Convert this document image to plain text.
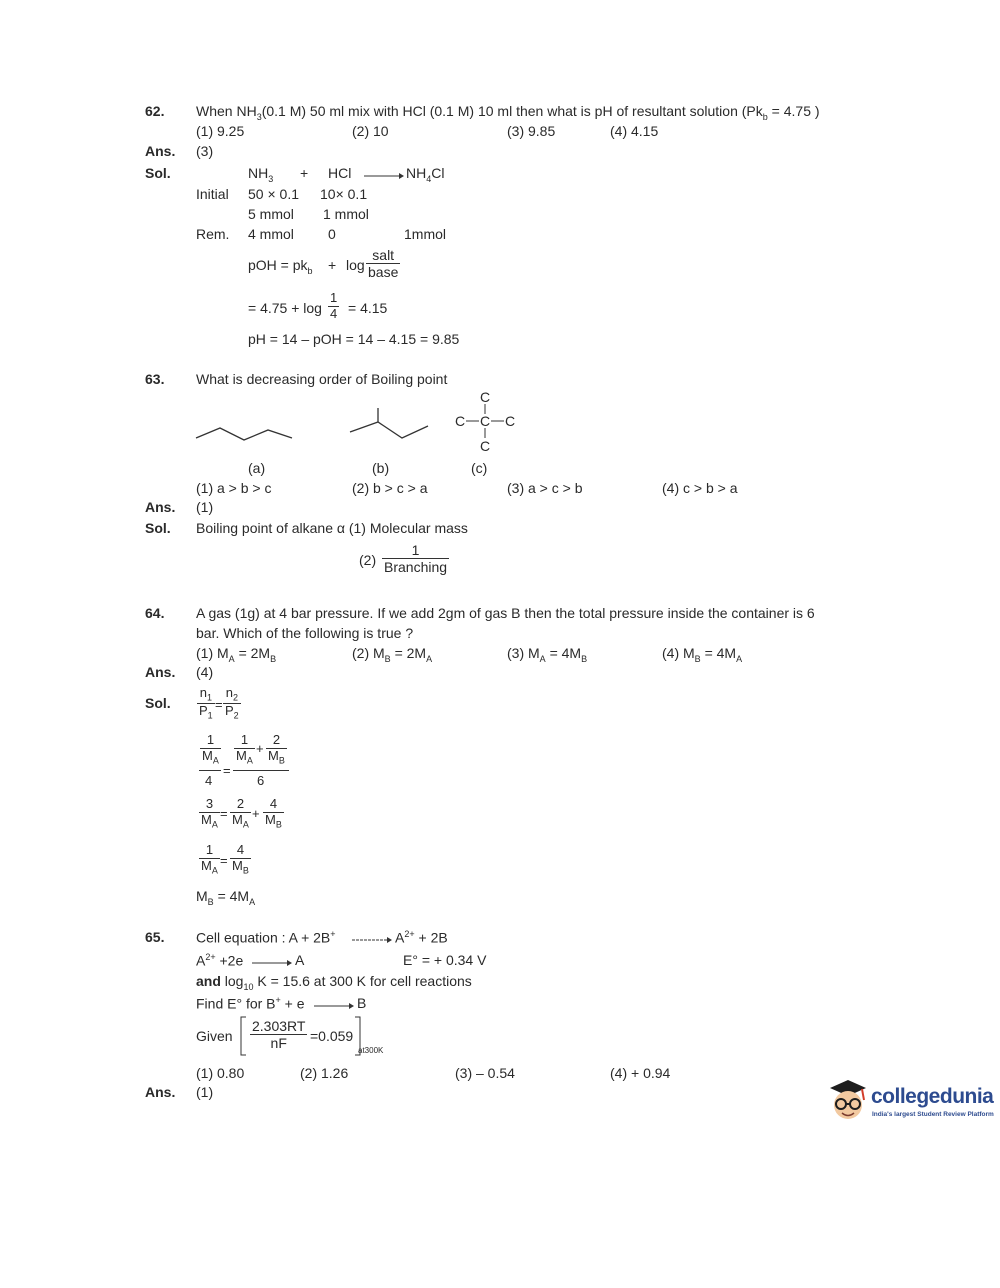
62. When $NH_3(0.1$ M) 50 ml mix with HCl (0.1 M) 10 ml then what is pH of resultant solution ($Pk_b = 4.75$ )
(1) 9.25	(2) 10	(3) 9.85	(4) 4.15
Ans. (3)
Sol.	$NH_3$ + HCl → $NH_4Cl$
Initial 50 × 0.1 10× 0.1
5 mmol 1 mmol
Rem. 4 mmol 0	1mmol
pOH = $pk_b + \log$
salt
base
= $4.75 + \log \frac{1}{4} = 4.15$
pH = 14 – pOH = 14 – 4.15 = 9.85
63. What is decreasing order of Boiling point
C
C C C
C
(a)	(b)	(c)
(1) a > b > c	(2) b > c > a	(3) a > c > b	(4) c > b > a
Ans. (1)
Sol. Boiling point of alkane α (1) Molecular mass
(2)
1
Branching
64. A gas (1g) at 4 bar pressure. If we add 2gm of gas B then the total pressure inside the container is 6
bar. Which of the following is true ?
(1) $M_A = 2M_B$	(2) $M_B = 2M_A$	(3) $M_A = 4M_B$	(4) $M_B = 4M_A$
Ans. (4)
Sol. $\frac{n_1}{P_1} = \frac{n_2}{P_2}$
$\frac{1}{M_A}$
=
$\frac{1}{M_A} + \frac{2}{M_B}$
4	6
$\frac{3}{M_A} = \frac{2}{M_A} + \frac{4}{M_B}$
$\frac{1}{M_A} = \frac{4}{M_B}$
$M_B = 4M_A$
65. Cell equation : A + 2B+	$A^{2+} + 2B$
$A^{2+} +2e$	A	E° = + 0.34 V
and $\log_{10} K = 15.6$ at 300 K for cell reactions
Find E° for B+ + e	B
Given $\frac{2.303RT}{nF} =0.059$
at300K
(1) 0.80	(2) 1.26	(3) – 0.54	(4) + 0.94
Ans. (1)	collegedunia
India's largest Student Review Platform
